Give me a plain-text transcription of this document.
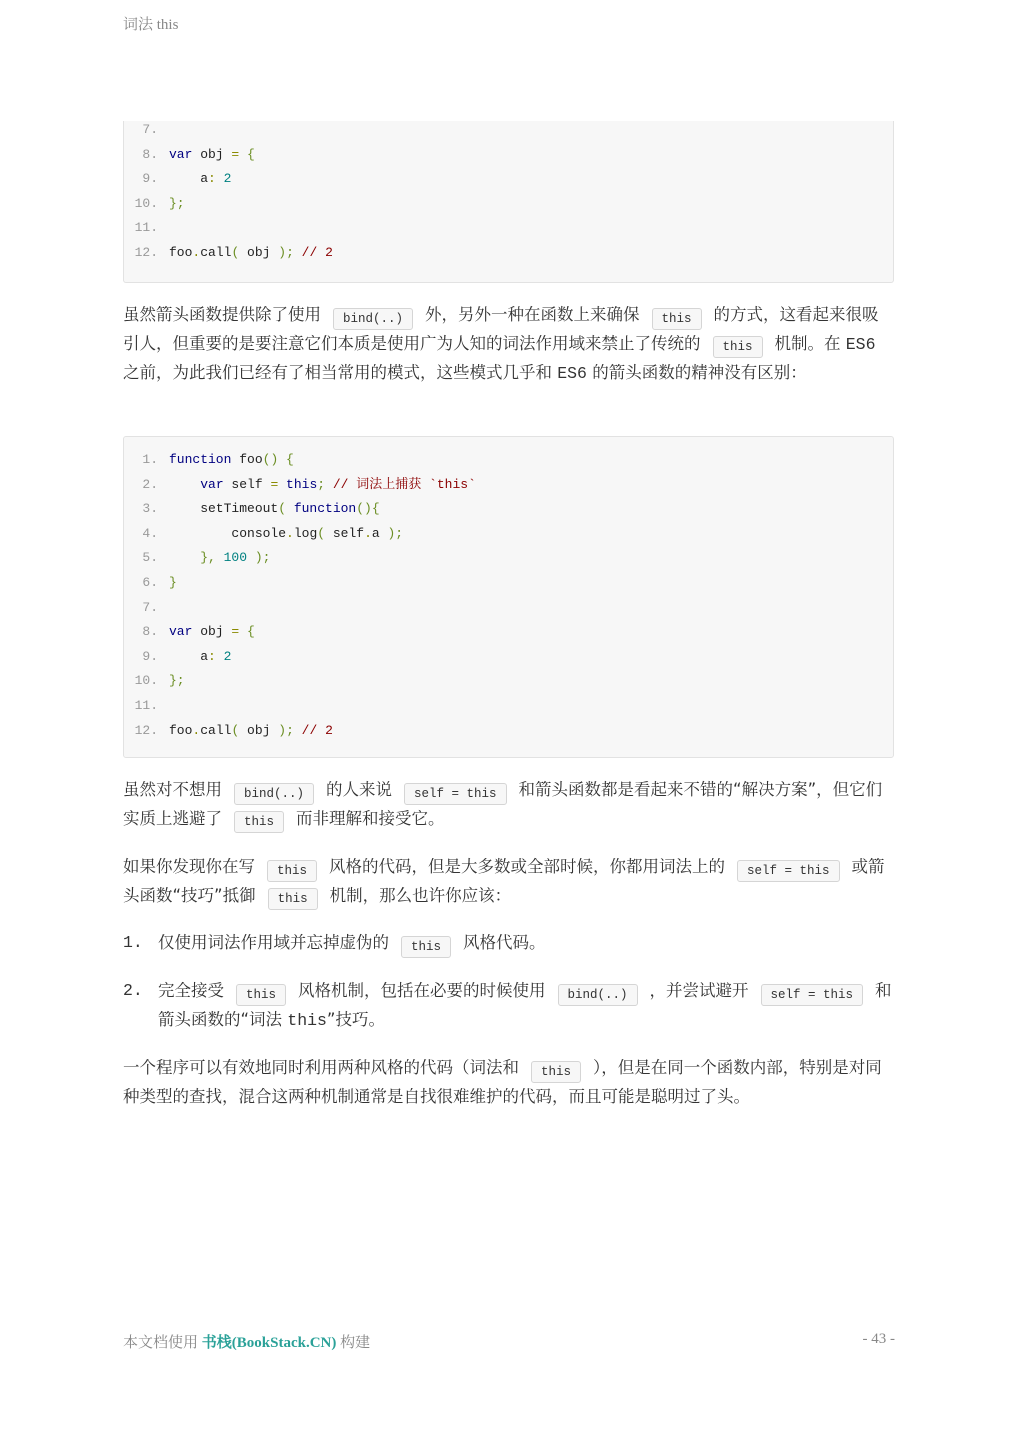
词法 this
7.
8. var obj = {
9.    a: 2
10. };
11.
12. foo.call( obj ); // 2
虽然箭头函数提供除了使用 bind(..) 外，另外一种在函数上来确保 this 的方式，这看起来很吸引人，但重要的是要注意它们本质是使用广为人知的词法作用域来禁止了传统的 this 机制。在 ES6 之前，为此我们已经有了相当常用的模式，这些模式几乎和 ES6 的箭头函数的精神没有区别：
1. function foo() {
2.	var self = this; // 词法上捕获 `this`
3.    setTimeout( function(){
4.        console.log( self.a );
5.    }, 100 );
6. }
7.
8. var obj = {
9.    a: 2
10. };
11.
12. foo.call( obj ); // 2
虽然对不想用 bind(..) 的人来说 self = this 和箭头函数都是看起来不错的“解决方案”，但它们实质上逃避了 this 而非理解和接受它。
如果你发现你在写 this 风格的代码，但是大多数或全部时候，你都用词法上的 self = this 或箭头函数“技巧”抵御 this 机制，那么也许你应该：
1. 仅使用词法作用域并忘掉虚伪的 this 风格代码。
2. 完全接受 this 风格机制，包括在必要的时候使用 bind(..) ，并尝试避开 self = this 和箭头函数的“词法 this”技巧。
一个程序可以有效地同时利用两种风格的代码（词法和 this ），但是在同一个函数内部，特别是对同种类型的查找，混合这两种机制通常是自找很难维护的代码，而且可能是聪明过了头。
本文档使用 书栈(BookStack.CN) 构建	- 43 -
